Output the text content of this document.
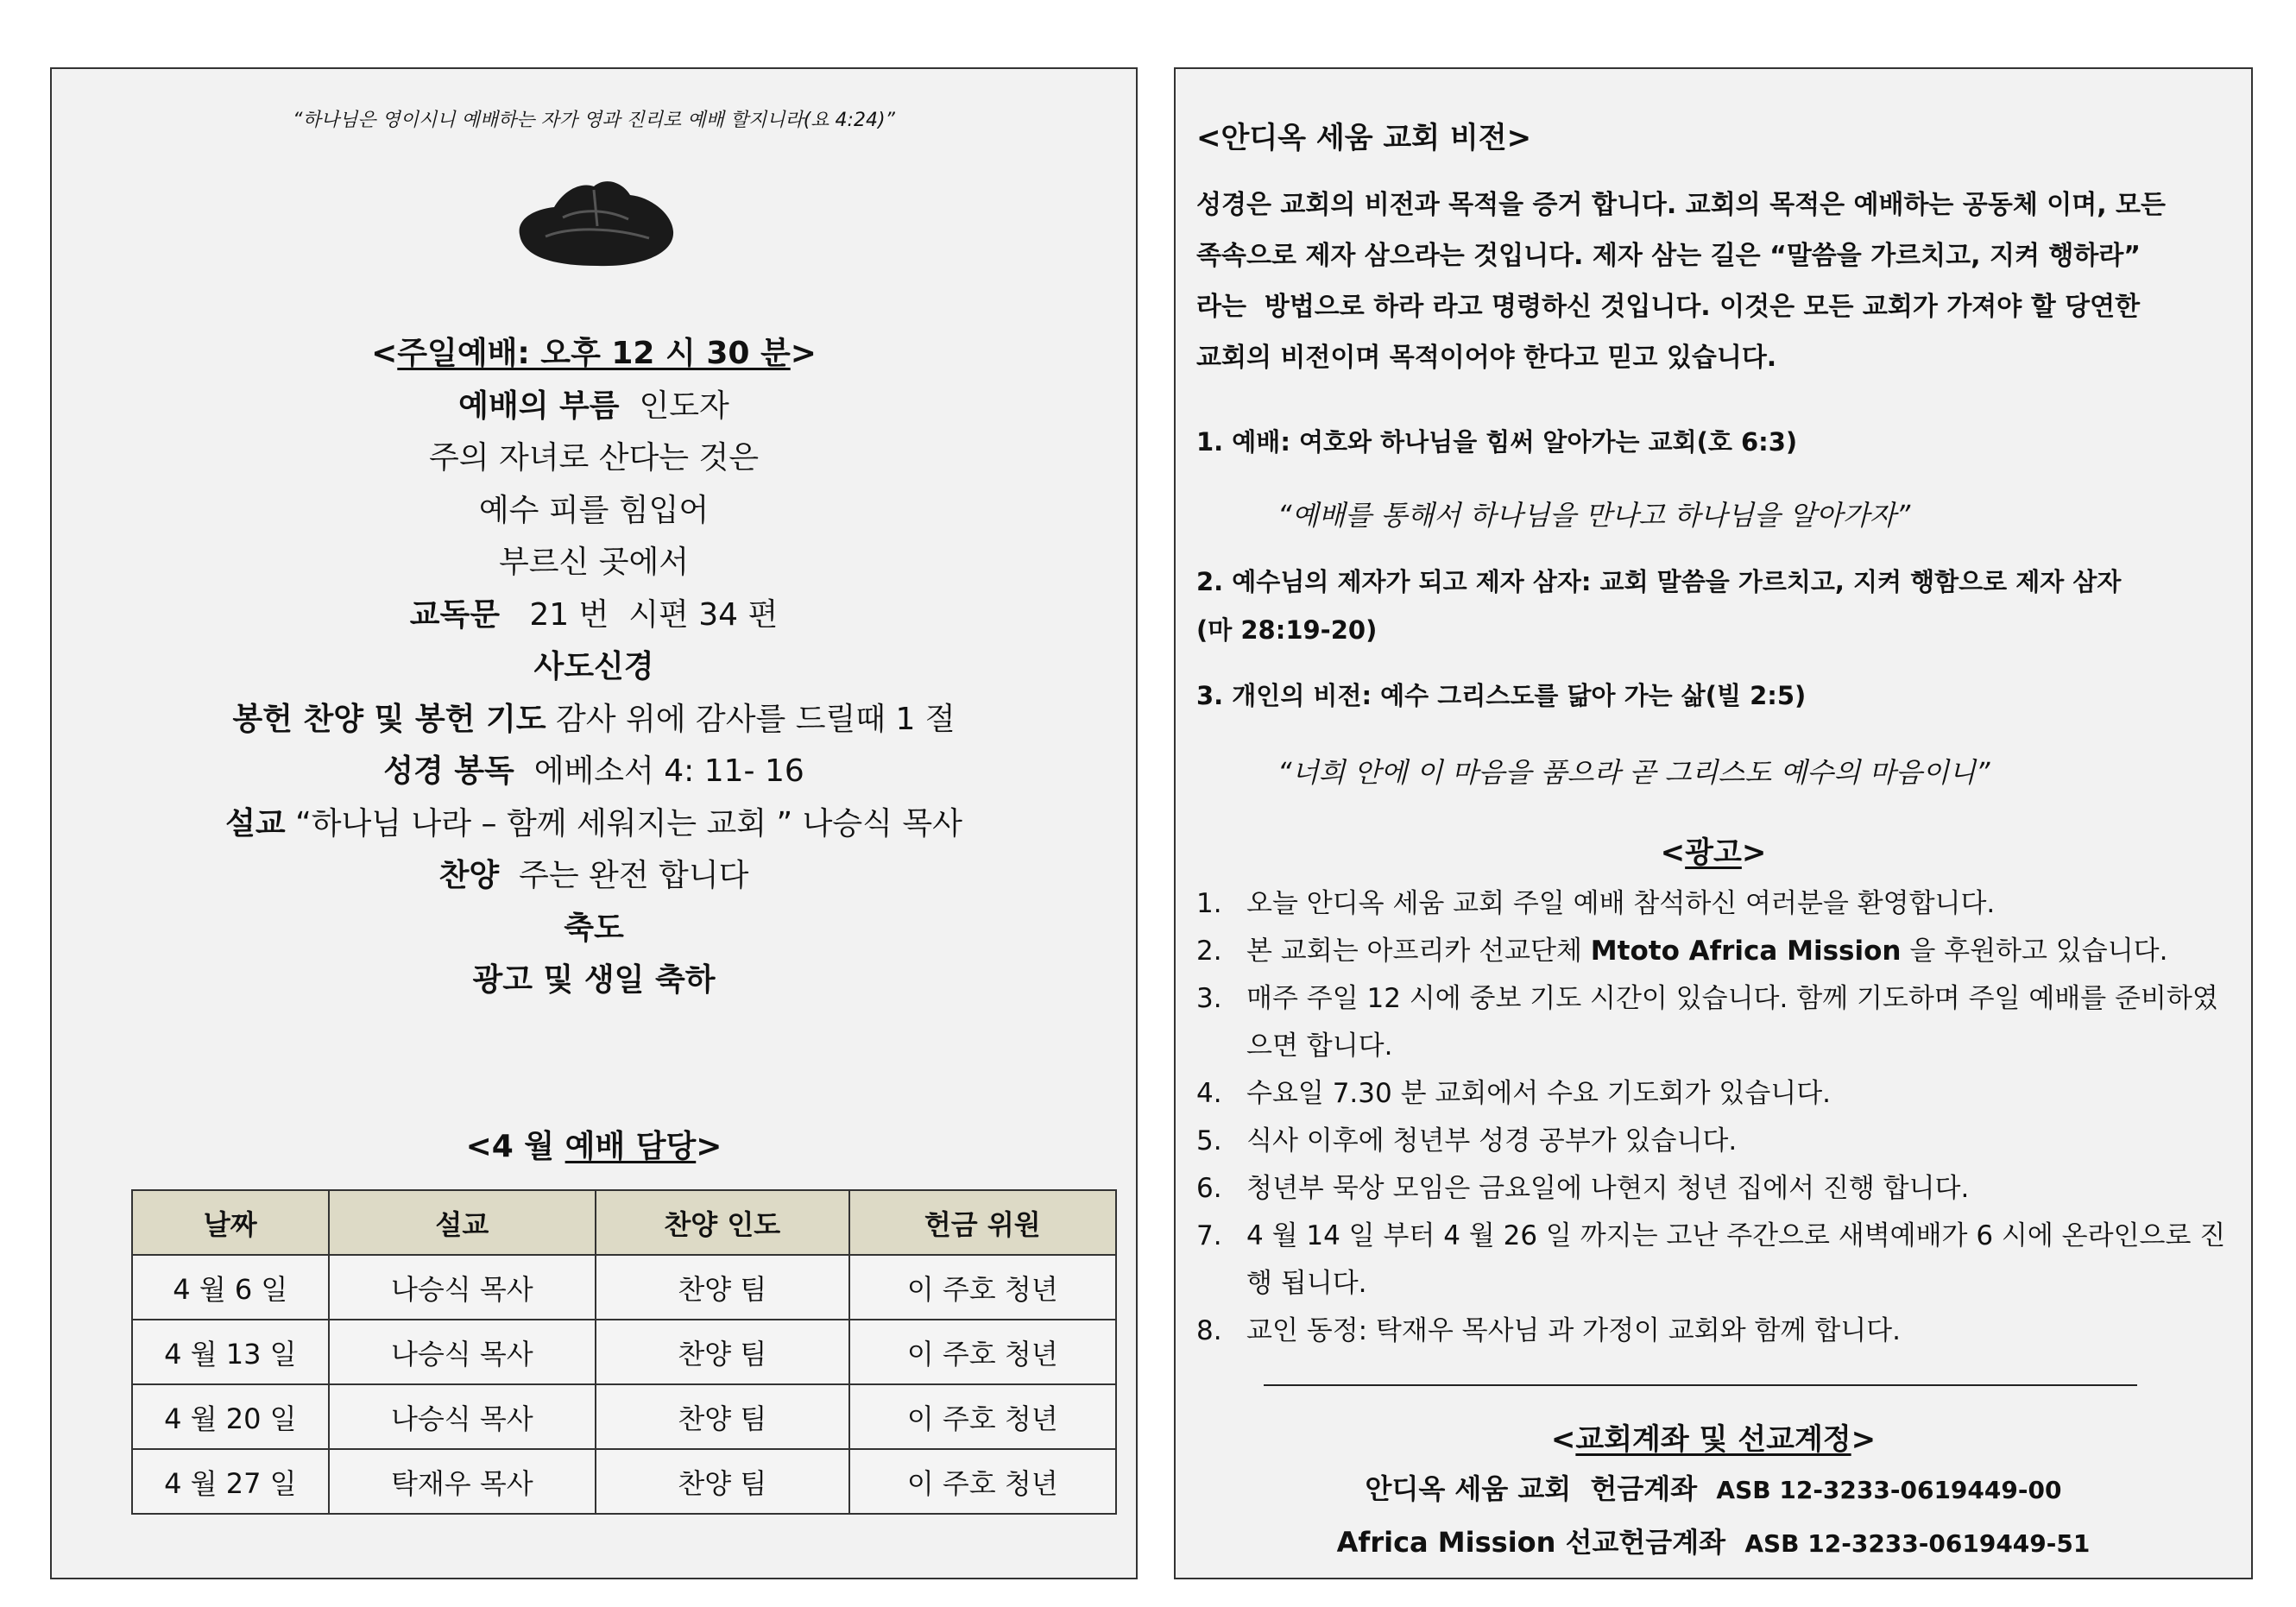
“하나님은 영이시니 예배하는 자가 영과 진리로 예배 할지니라(요 4:24)”
<주일예배: 오후 12 시 30 분>
예배의 부름  인도자
주의 자녀로 산다는 것은
예수 피를 힘입어
부르신 곳에서
교독문   21 번  시편 34 편
사도신경
봉헌 찬양 및 봉헌 기도 감사 위에 감사를 드릴때 1 절
성경 봉독  에베소서 4: 11- 16
설교 “하나님 나라 – 함께 세워지는 교회 ” 나승식 목사
찬양  주는 완전 합니다
축도
광고 및 생일 축하
<4 월 예배 담당>
날짜	설교	찬양 인도	헌금 위원
4 월 6 일	나승식 목사	찬양 팀	이 주호 청년
4 월 13 일	나승식 목사	찬양 팀	이 주호 청년
4 월 20 일	나승식 목사	찬양 팀	이 주호 청년
4 월 27 일	탁재우 목사	찬양 팀	이 주호 청년
<안디옥 세움 교회 비전>
성경은 교회의 비전과 목적을 증거 합니다. 교회의 목적은 예배하는 공동체 이며, 모든
족속으로 제자 삼으라는 것입니다. 제자 삼는 길은 “말씀을 가르치고, 지켜 행하라”
라는  방법으로 하라 라고 명령하신 것입니다. 이것은 모든 교회가 가져야 할 당연한
교회의 비전이며 목적이어야 한다고 믿고 있습니다.
1. 예배: 여호와 하나님을 힘써 알아가는 교회(호 6:3)
“예배를 통해서 하나님을 만나고 하나님을 알아가자”
2. 예수님의 제자가 되고 제자 삼자: 교회 말씀을 가르치고, 지켜 행함으로 제자 삼자
(마 28:19-20)
3. 개인의 비전: 예수 그리스도를 닮아 가는 삶(빌 2:5)
“너희 안에 이 마음을 품으라 곧 그리스도 예수의 마음이니”
<광고>
1. 오늘 안디옥 세움 교회 주일 예배 참석하신 여러분을 환영합니다.
2. 본 교회는 아프리카 선교단체 Mtoto Africa Mission 을 후원하고 있습니다.
3. 매주 주일 12 시에 중보 기도 시간이 있습니다. 함께 기도하며 주일 예배를 준비하였으면 합니다.
4. 수요일 7.30 분 교회에서 수요 기도회가 있습니다.
5. 식사 이후에 청년부 성경 공부가 있습니다.
6. 청년부 묵상 모임은 금요일에 나현지 청년 집에서 진행 합니다.
7. 4 월 14 일 부터 4 월 26 일 까지는 고난 주간으로 새벽예배가 6 시에 온라인으로 진행 됩니다.
8. 교인 동정: 탁재우 목사님 과 가정이 교회와 함께 합니다.
<교회계좌 및 선교계정>
안디옥 세움 교회  헌금계좌 ASB 12-3233-0619449-00
Africa Mission 선교헌금계좌 ASB 12-3233-0619449-51
